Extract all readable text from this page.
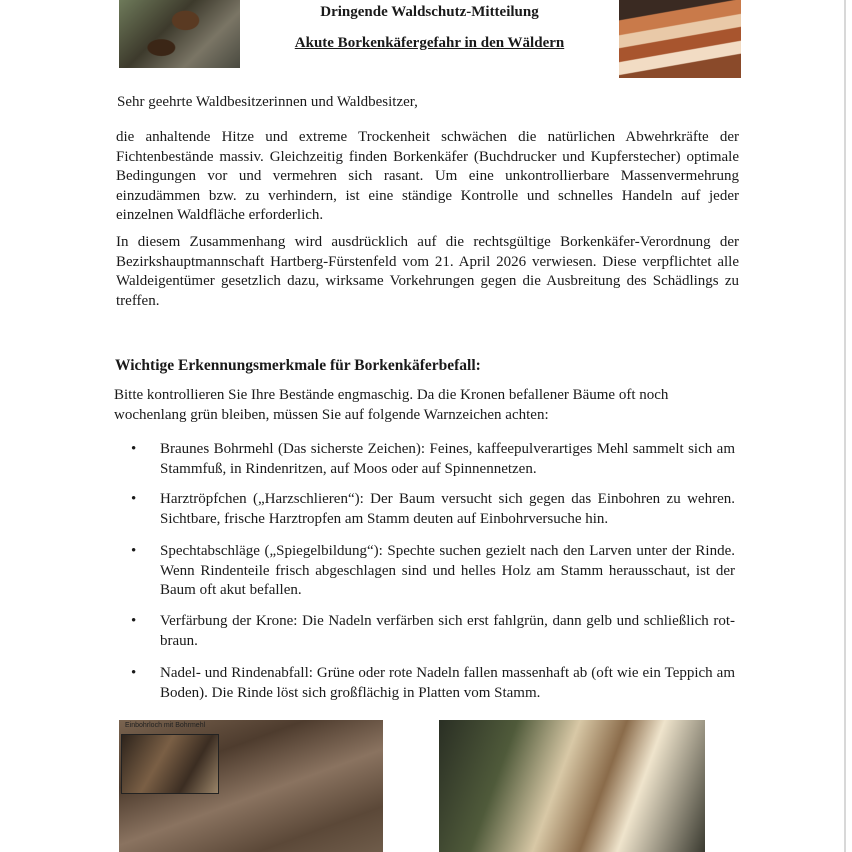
Dringende Waldschutz-Mitteilung
Akute Borkenkäfergefahr in den Wäldern
Sehr geehrte Waldbesitzerinnen und Waldbesitzer,
die anhaltende Hitze und extreme Trockenheit schwächen die natürlichen Abwehrkräfte der Fichtenbestände massiv. Gleichzeitig finden Borkenkäfer (Buchdrucker und Kupferstecher) optimale Bedingungen vor und vermehren sich rasant. Um eine unkontrollierbare Massenvermehrung einzudämmen bzw. zu verhindern, ist eine ständige Kontrolle und schnelles Handeln auf jeder einzelnen Waldfläche erforderlich.
In diesem Zusammenhang wird ausdrücklich auf die rechtsgültige Borkenkäfer-Verordnung der Bezirkshauptmannschaft Hartberg-Fürstenfeld vom 21. April 2026 verwiesen. Diese verpflichtet alle Waldeigentümer gesetzlich dazu, wirksame Vorkehrungen gegen die Ausbreitung des Schädlings zu treffen.
Wichtige Erkennungsmerkmale für Borkenkäferbefall:
Bitte kontrollieren Sie Ihre Bestände engmaschig. Da die Kronen befallener Bäume oft noch wochenlang grün bleiben, müssen Sie auf folgende Warnzeichen achten:
• Braunes Bohrmehl (Das sicherste Zeichen): Feines, kaffeepulverartiges Mehl sammelt sich am Stammfuß, in Rindenritzen, auf Moos oder auf Spinnennetzen.
• Harztröpfchen („Harzschlieren“): Der Baum versucht sich gegen das Einbohren zu wehren. Sichtbare, frische Harztropfen am Stamm deuten auf Einbohrversuche hin.
• Spechtabschläge („Spiegelbildung“): Spechte suchen gezielt nach den Larven unter der Rinde. Wenn Rindenteile frisch abgeschlagen sind und helles Holz am Stamm herausschaut, ist der Baum oft akut befallen.
• Verfärbung der Krone: Die Nadeln verfärben sich erst fahlgrün, dann gelb und schließlich rot-braun.
• Nadel- und Rindenabfall: Grüne oder rote Nadeln fallen massenhaft ab (oft wie ein Teppich am Boden). Die Rinde löst sich großflächig in Platten vom Stamm.
Einbohrloch mit Bohrmehl
